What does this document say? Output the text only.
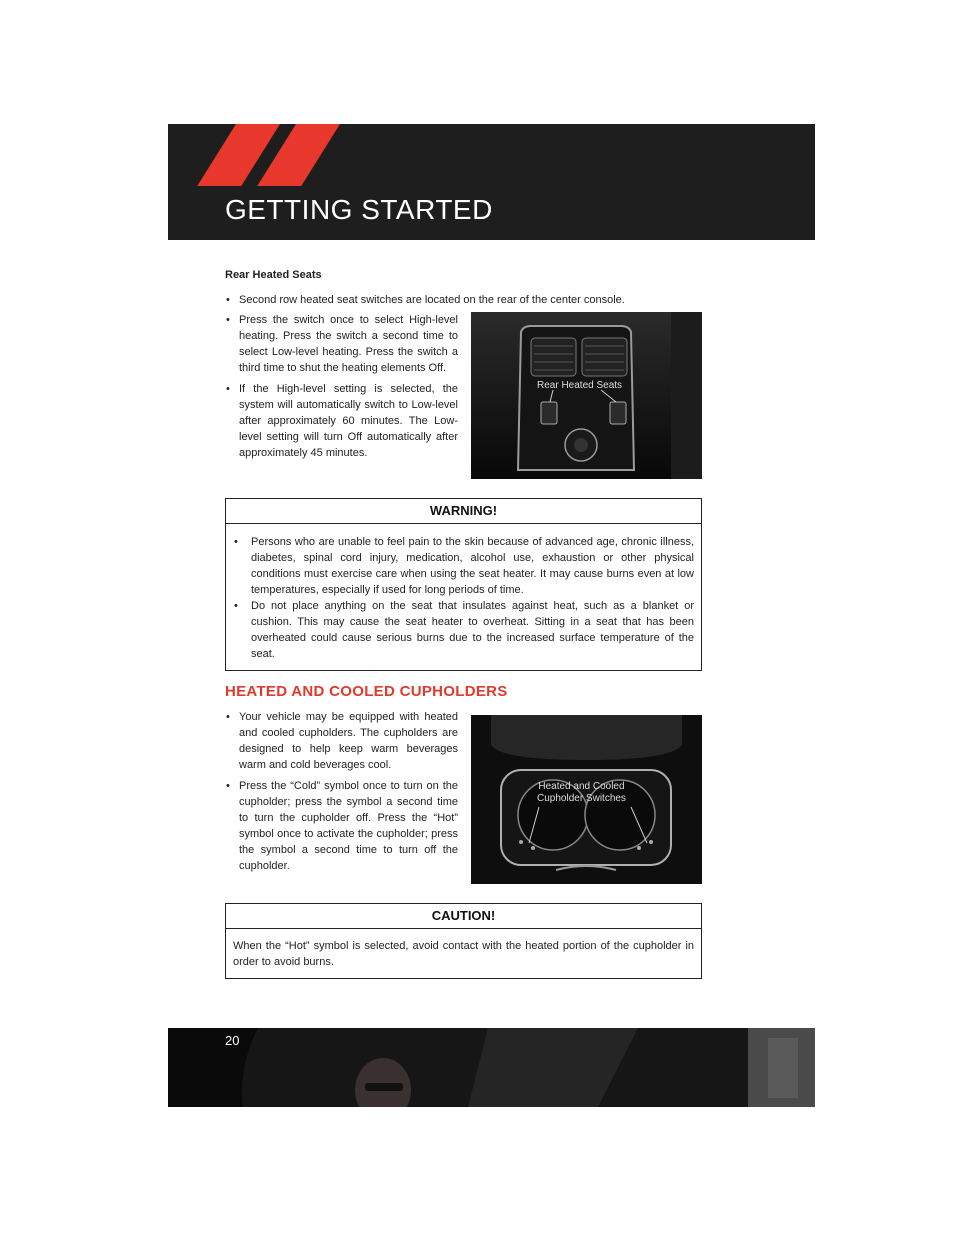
GETTING STARTED
Rear Heated Seats

• Second row heated seat switches are located on the rear of the center console.

• Press the switch once to select High-level heating. Press the switch a second time to select Low-level heating. Press the switch a third time to shut the heating elements Off.

• If the High-level setting is selected, the system will automatically switch to Low-level after approximately 60 minutes. The Low-level setting will turn Off automatically after approximately 45 minutes.

Rear Heated Seats
WARNING!

• Persons who are unable to feel pain to the skin because of advanced age, chronic illness, diabetes, spinal cord injury, medication, alcohol use, exhaustion or other physical conditions must exercise care when using the seat heater. It may cause burns even at low temperatures, especially if used for long periods of time.

• Do not place anything on the seat that insulates against heat, such as a blanket or cushion. This may cause the seat heater to overheat. Sitting in a seat that has been overheated could cause serious burns due to the increased surface temperature of the seat.

HEATED AND COOLED CUPHOLDERS

• Your vehicle may be equipped with heated and cooled cupholders. The cupholders are designed to help keep warm beverages warm and cold beverages cool.

• Press the “Cold” symbol once to turn on the cupholder; press the symbol a second time to turn the cupholder off. Press the “Hot” symbol once to activate the cupholder; press the symbol a second time to turn off the cupholder.

Heated and Cooled
Cupholder Switches
CAUTION!

When the “Hot” symbol is selected, avoid contact with the heated portion of the cupholder in order to avoid burns.

20
